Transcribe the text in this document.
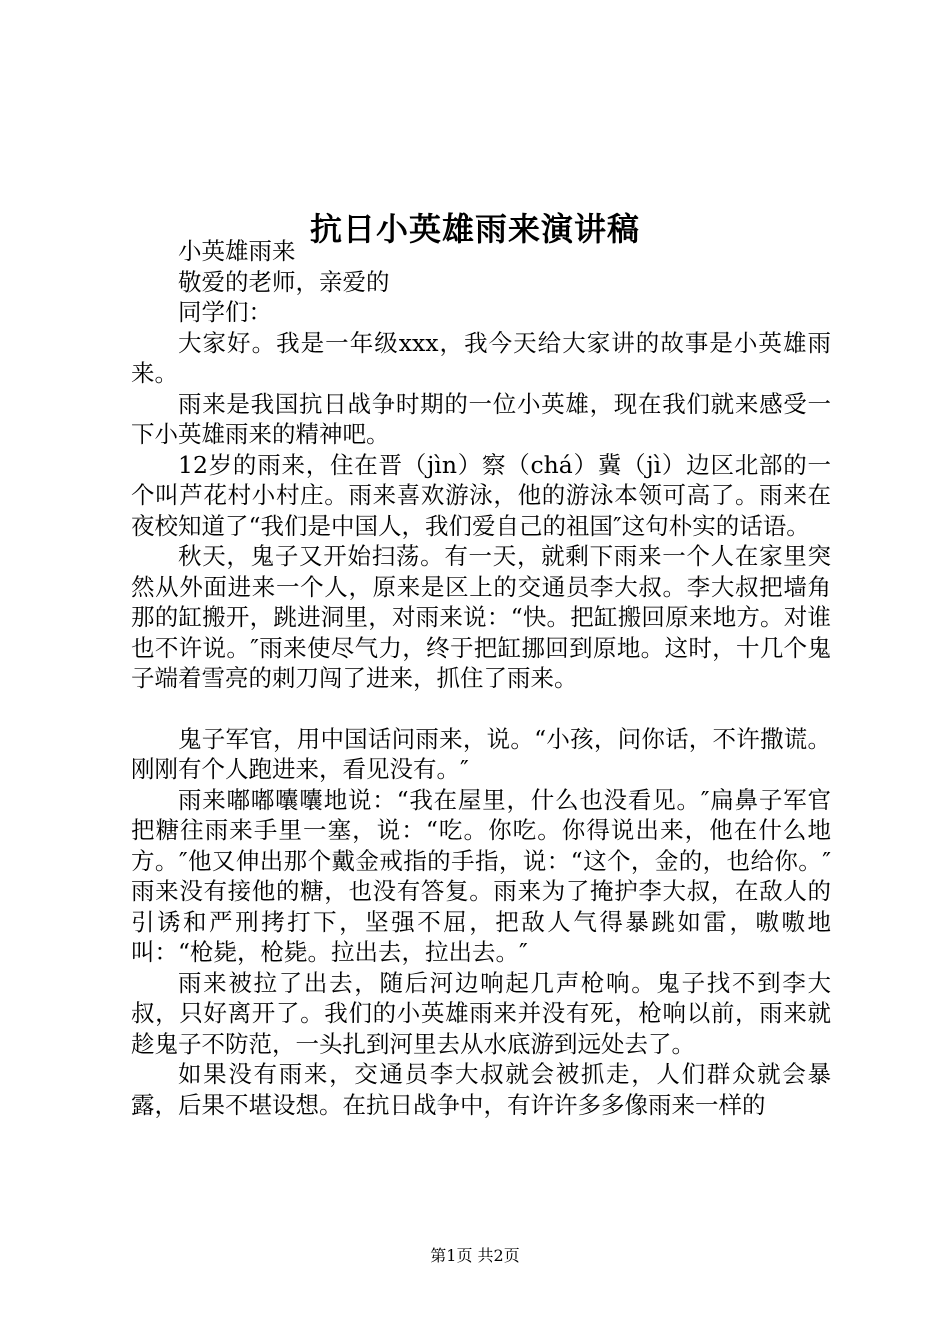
抗日小英雄雨来演讲稿

小英雄雨来

敬爱的老师，亲爱的

同学们：

大家好。我是一年级xxx，我今天给大家讲的故事是小英雄雨来。

雨来是我国抗日战争时期的一位小英雄，现在我们就来感受一下小英雄雨来的精神吧。

12岁的雨来，住在晋（jìn）察（chá）冀（jì）边区北部的一个叫芦花村小村庄。雨来喜欢游泳，他的游泳本领可高了。雨来在夜校知道了“我们是中国人，我们爱自己的祖国″这句朴实的话语。

秋天，鬼子又开始扫荡。有一天，就剩下雨来一个人在家里突然从外面进来一个人，原来是区上的交通员李大叔。李大叔把墙角那的缸搬开，跳进洞里，对雨来说：“快。把缸搬回原来地方。对谁也不许说。″雨来使尽气力，终于把缸挪回到原地。这时，十几个鬼子端着雪亮的刺刀闯了进来，抓住了雨来。

鬼子军官，用中国话问雨来，说。“小孩，问你话，不许撒谎。刚刚有个人跑进来，看见没有。″

雨来嘟嘟囔囔地说：“我在屋里，什么也没看见。″扁鼻子军官把糖往雨来手里一塞，说：“吃。你吃。你得说出来，他在什么地方。″他又伸出那个戴金戒指的手指，说：“这个，金的，也给你。″雨来没有接他的糖，也没有答复。雨来为了掩护李大叔，在敌人的引诱和严刑拷打下，坚强不屈，把敌人气得暴跳如雷，嗷嗷地叫：“枪毙，枪毙。拉出去，拉出去。″

雨来被拉了出去，随后河边响起几声枪响。鬼子找不到李大叔，只好离开了。我们的小英雄雨来并没有死，枪响以前，雨来就趁鬼子不防范，一头扎到河里去从水底游到远处去了。

如果没有雨来，交通员李大叔就会被抓走，人们群众就会暴露，后果不堪设想。在抗日战争中，有许许多多像雨来一样的

第1页 共2页
